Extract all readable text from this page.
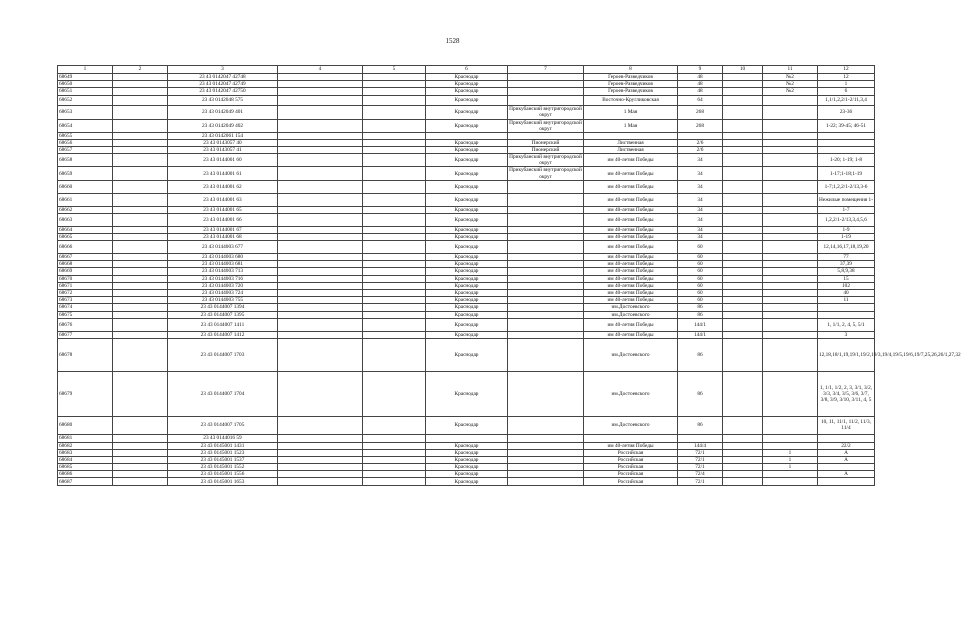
1528
1	2	3	4	5	6	7	8	9	10	11	12
68649		23 43 0142047 42748			Краснодар		Героев-Разведчиков	48		№2	12
68650		23 43 0142047 42749			Краснодар		Героев-Разведчиков	48		№2	1
68651		23 43 0142047 42750			Краснодар		Героев-Разведчиков	48		№2	6
68652		23 43 0142048 575			Краснодар		Восточно-Кругликовская	64			1,1/1,2,2/1-2/11,3,4
68653		23 43 0142049 401			Краснодар	Прикубанский внутригородской округ	1 Мая	268			23-36
68654		23 43 0142049 402			Краснодар	Прикубанский внутригородской округ	1 Мая	268			1-22; 39-45; 46-51
68655		23 43 0142061 154									
68656		23 43 0143057 40			Краснодар	Пионерский	Лиственная	2/6			
68657		23 43 0143057 41			Краснодар	Пионерский	Лиственная	2/6			
68658		23 43 0144001 60			Краснодар	Прикубанский внутригородской округ	им 40-летия Победы	34			1-20; 1-19; 1-8
68659		23 43 0144001 61			Краснодар	Прикубанский внутригородской округ	им 40-летия Победы	34			1-17;1-18;1-19
68660		23 43 0144001 62			Краснодар		им 40-летия Победы	34			1-7;1,2,2/1-2/13,3-6
68661		23 43 0144001 63			Краснодар		им 40-летия Победы	34			Нежилые помещения 1-
68662		23 43 0144001 65			Краснодар		им 40-летия Победы	34			1-7
68663		23 43 0144001 66			Краснодар		им 40-летия Победы	34			1,2,2/1-2/13,3,4,5,6
68664		23 43 0144001 67			Краснодар		им 40-летия Победы	34			1-9
68665		23 43 0144001 68			Краснодар		им 40-летия Победы	34			1-19
68666		23 43 0144003 677			Краснодар		им 40-летия Победы	60			12,14,16,17,18,19,20
68667		23 43 0144003 680			Краснодар		им 40-летия Победы	60			77
68668		23 43 0144003 681			Краснодар		им 40-летия Победы	60			37,39
68669		23 43 0144003 713			Краснодар		им 40-летия Победы	60			5,8,9,38
68670		23 43 0144003 716			Краснодар		им 40-летия Победы	60			15
68671		23 43 0144003 720			Краснодар		им 40-летия Победы	60			102
68672		23 43 0144003 724			Краснодар		им 40-летия Победы	60			40
68673		23 43 0144003 755			Краснодар		им 40-летия Победы	60			11
68674		23 43 0144007 1394			Краснодар		им.Достоевского	86			
68675		23 43 0144007 1395			Краснодар		им.Достоевского	86			
68676		23 43 0144007 1411			Краснодар		им 40-летия Победы	144/1			1, 1/1, 2, 4, 5, 5/1
68677		23 43 0144007 1412			Краснодар		им 40-летия Победы	144/1			3
68678		23 43 0144007 1703			Краснодар		им.Достоевского	86			12,18,18/1,19,19/1,19/2,19/3,19/4,19/5,19/6,19/7,25,26,26/1,27,32
68679		23 43 0144007 1704			Краснодар		им.Достоевского	86			1, 1/1, 1/2, 2, 3, 3/1, 3/2, 3/3, 3/4, 3/5, 3/6, 3/7, 3/8, 3/9, 3/10, 3/11, 4, 5
68680		23 43 0144007 1705			Краснодар		им.Достоевского	86			10, 11, 11/1, 11/2, 11/3, 11/4
68681		23 43 0144016 59									
68682		23 43 0145001 1431			Краснодар		им 40-летия Победы	144/4			22/2
68683		23 43 0145001 1523			Краснодар		Российская	72/1		1	А
68684		23 43 0145001 1537			Краснодар		Российская	72/1		1	А
68685		23 43 0145001 1552			Краснодар		Российская	72/1		1	
68686		23 43 0145001 1556			Краснодар		Российская	72/4			А
68687		23 43 0145001 1653			Краснодар		Российская	72/1			
